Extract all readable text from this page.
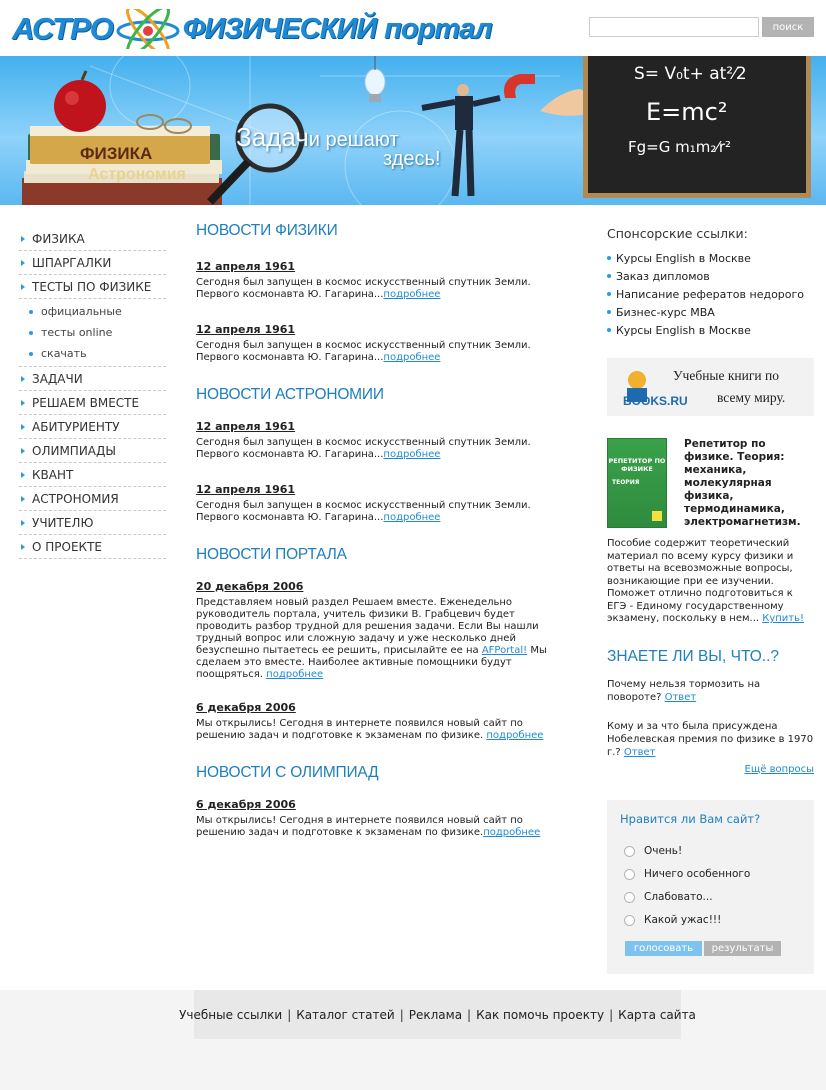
АСТРО ФИЗИЧЕСКИЙ портал	поиск
Задачи решают
здесь!
ФИЗИКА
Астрономия
S= V₀t+ at²⁄2
E=mc²
Fg=G m₁m₂⁄r²
ФИЗИКА
ШПАРГАЛКИ
ТЕСТЫ ПО ФИЗИКЕ
официальные
тесты online
скачать
ЗАДАЧИ
РЕШАЕМ ВМЕСТЕ
АБИТУРИЕНТУ
ОЛИМПИАДЫ
КВАНТ
АСТРОНОМИЯ
УЧИТЕЛЮ
О ПРОЕКТЕ
НОВОСТИ ФИЗИКИ
12 апреля 1961
Сегодня был запущен в космос искусственный спутник Земли. Первого космонавта Ю. Гагарина...подробнее
12 апреля 1961
Сегодня был запущен в космос искусственный спутник Земли. Первого космонавта Ю. Гагарина...подробнее
НОВОСТИ АСТРОНОМИИ
12 апреля 1961
Сегодня был запущен в космос искусственный спутник Земли. Первого космонавта Ю. Гагарина...подробнее
12 апреля 1961
Сегодня был запущен в космос искусственный спутник Земли. Первого космонавта Ю. Гагарина...подробнее
НОВОСТИ ПОРТАЛА
20 декабря 2006
Представляем новый раздел Решаем вместе. Еженедельно руководитель портала, учитель физики В. Грабцевич будет проводить разбор трудной для решения задачи. Если Вы нашли трудный вопрос или сложную задачу и уже несколько дней безуспешно пытаетесь ее решить, присылайте ее на AFPortal! Мы сделаем это вместе. Наиболее активные помощники будут поощряться. подробнее
6 декабря 2006
Мы открылись! Сегодня в интернете появился новый сайт по решению задач и подготовке к экзаменам по физике. подробнее
НОВОСТИ С ОЛИМПИАД
6 декабря 2006
Мы открылись! Сегодня в интернете появился новый сайт по решению задач и подготовке к экзаменам по физике.подробнее
Спонсорские ссылки:
Курсы English в Москве
Заказ дипломов
Написание рефератов недорого
Бизнес-курс MBA
Курсы English в Москве
BOOKS.RU
Учебные книги по
всему миру.
РЕПЕТИТОР ПО ФИЗИКЕ
ТЕОРИЯ
Репетитор по физике. Теория: механика, молекулярная физика, термодинамика, электромагнетизм.
Пособие содержит теоретический материал по всему курсу физики и ответы на всевозможные вопросы, возникающие при ее изучении. Поможет отлично подготовиться к ЕГЭ - Единому государственному экзамену, поскольку в нем... Купить!
ЗНАЕТЕ ЛИ ВЫ, ЧТО..?
Почему нельзя тормозить на повороте? Ответ
Кому и за что была присуждена Нобелевская премия по физике в 1970 г.? Ответ
Ещё вопросы
Нравится ли Вам сайт?
Очень!
Ничего особенного
Слабовато...
Какой ужас!!!
голосовать результаты
Учебные ссылки | Каталог статей | Реклама | Как помочь проекту | Карта сайта
